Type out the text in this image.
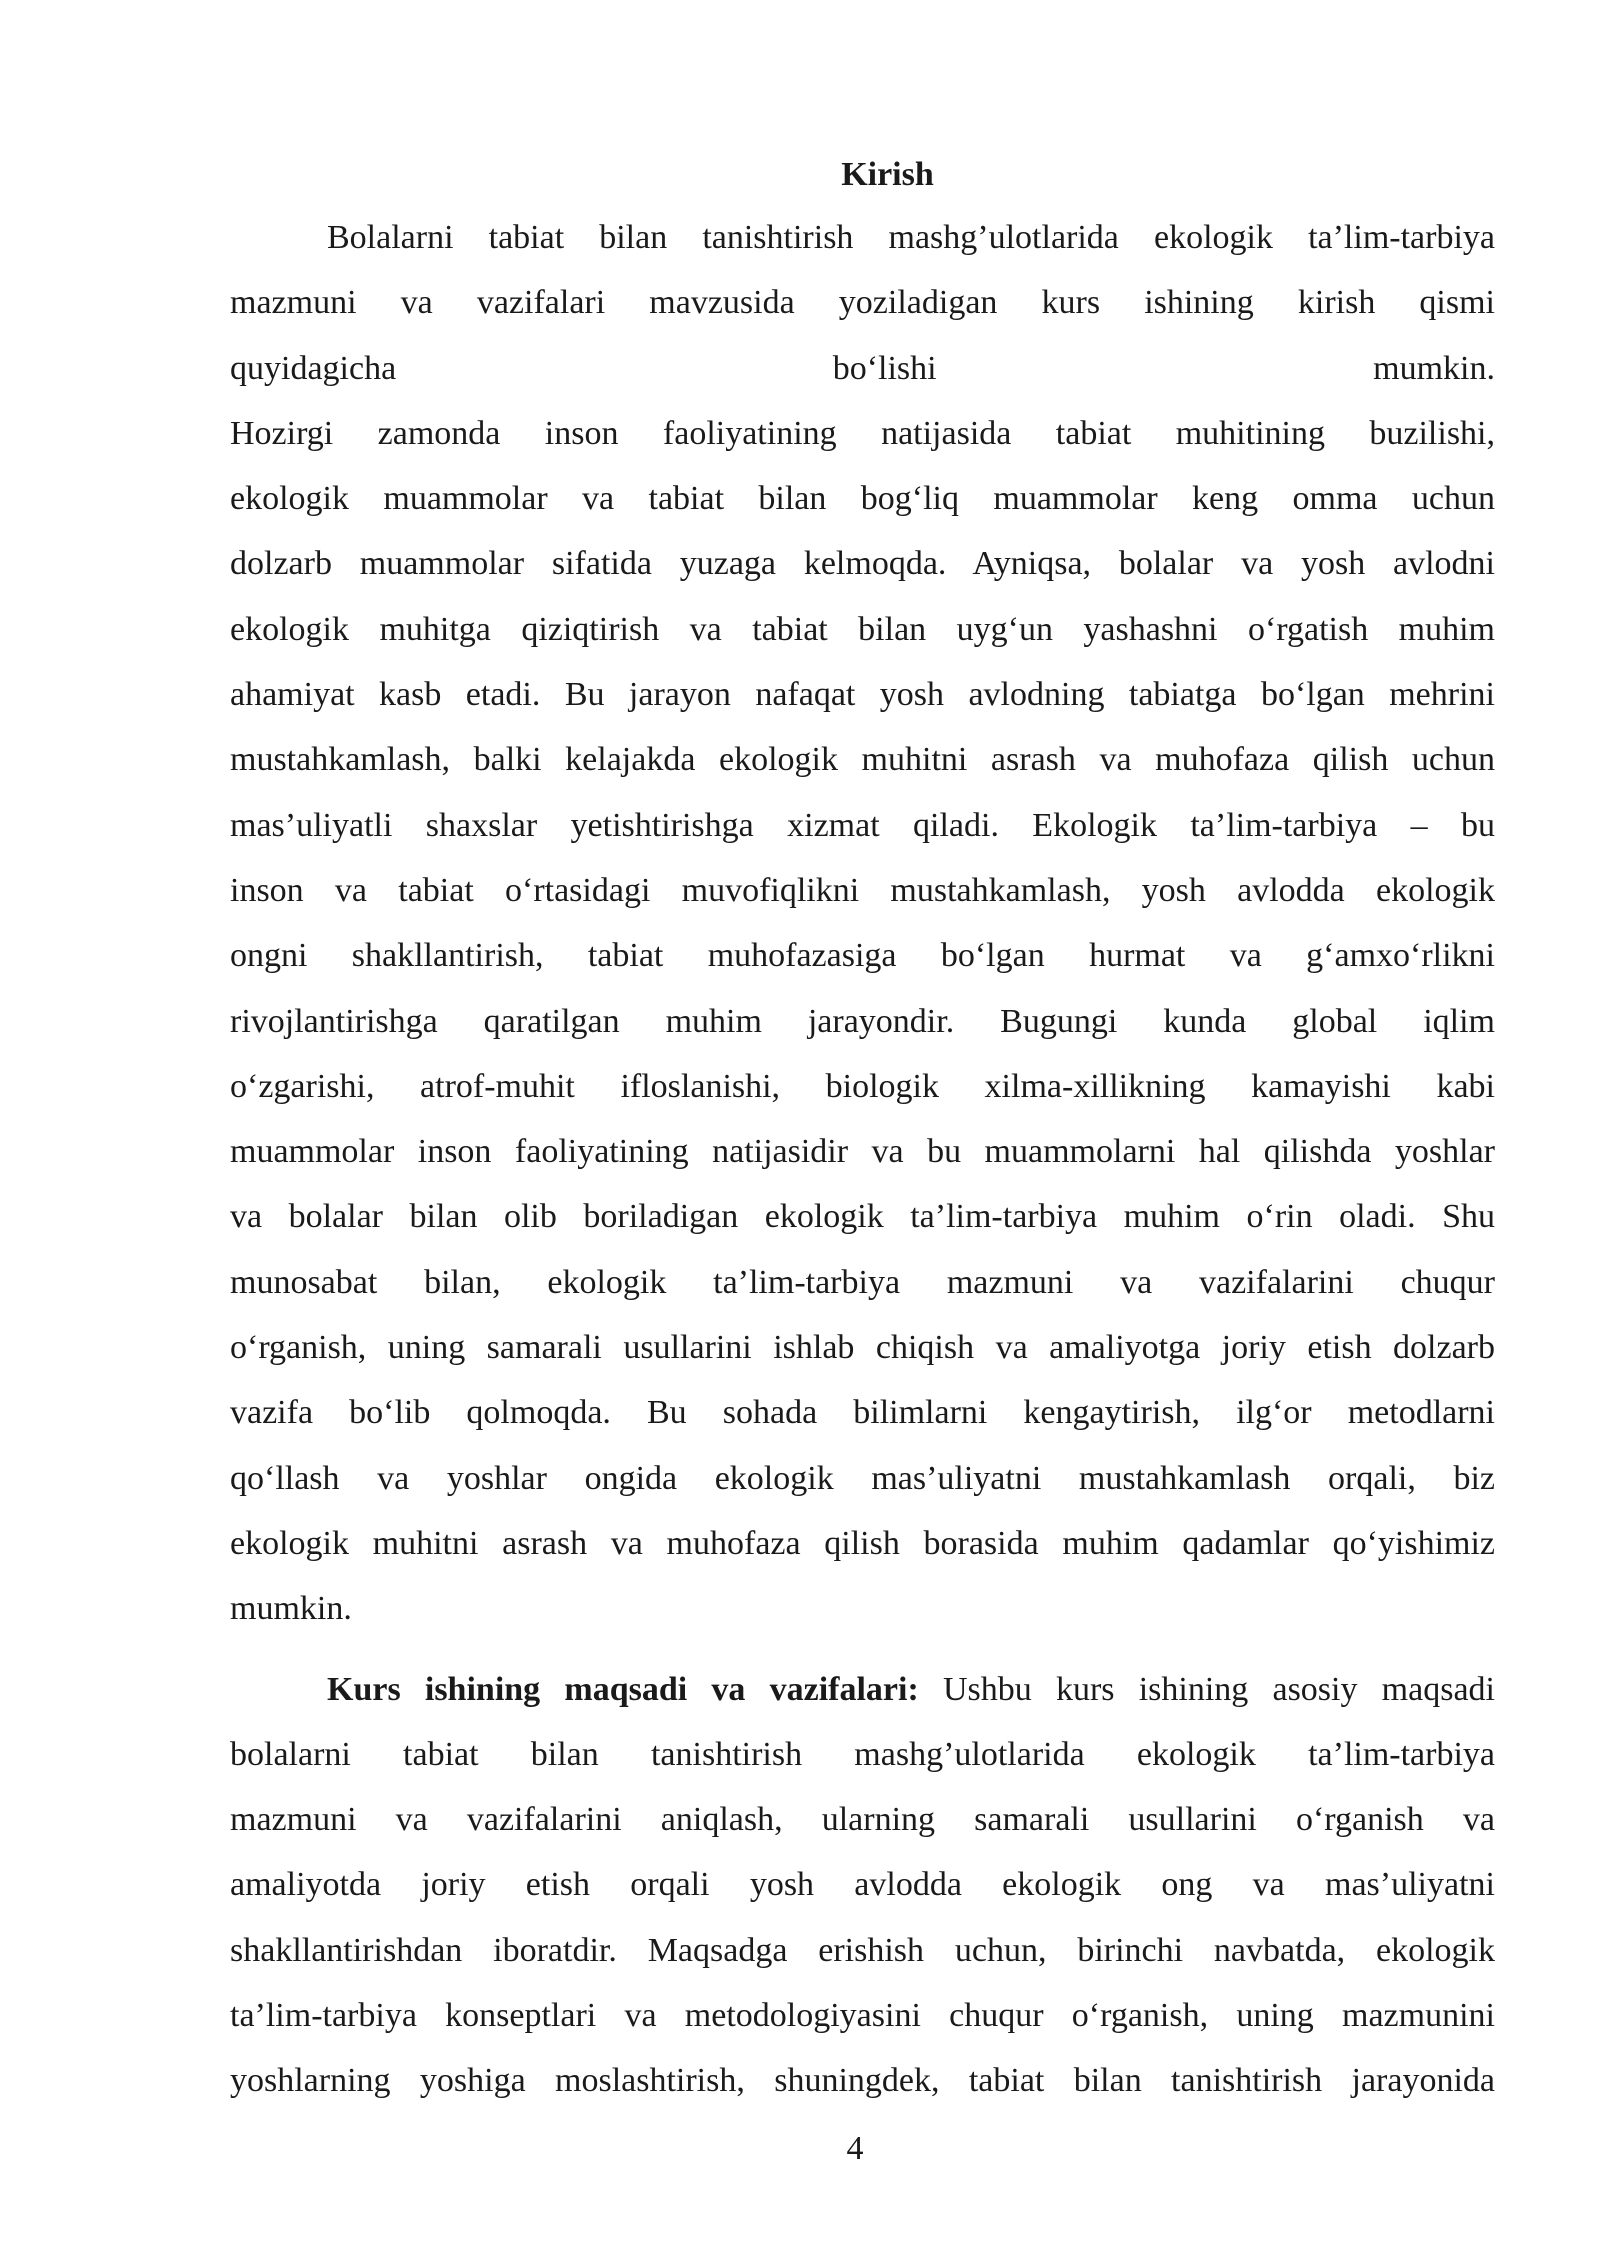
Kirish
Bolalarni tabiat bilan tanishtirish mashg’ulotlarida ekologik ta’lim-tarbiya
mazmuni va vazifalari mavzusida yoziladigan kurs ishining kirish qismi
quyidagicha bo‘lishi mumkin.
Hozirgi zamonda inson faoliyatining natijasida tabiat muhitining buzilishi,
ekologik muammolar va tabiat bilan bog‘liq muammolar keng omma uchun
dolzarb muammolar sifatida yuzaga kelmoqda. Ayniqsa, bolalar va yosh avlodni
ekologik muhitga qiziqtirish va tabiat bilan uyg‘un yashashni o‘rgatish muhim
ahamiyat kasb etadi. Bu jarayon nafaqat yosh avlodning tabiatga bo‘lgan mehrini
mustahkamlash, balki kelajakda ekologik muhitni asrash va muhofaza qilish uchun
mas’uliyatli shaxslar yetishtirishga xizmat qiladi. Ekologik ta’lim-tarbiya – bu
inson va tabiat o‘rtasidagi muvofiqlikni mustahkamlash, yosh avlodda ekologik
ongni shakllantirish, tabiat muhofazasiga bo‘lgan hurmat va g‘amxo‘rlikni
rivojlantirishga qaratilgan muhim jarayondir. Bugungi kunda global iqlim
o‘zgarishi, atrof-muhit ifloslanishi, biologik xilma-xillikning kamayishi kabi
muammolar inson faoliyatining natijasidir va bu muammolarni hal qilishda yoshlar
va bolalar bilan olib boriladigan ekologik ta’lim-tarbiya muhim o‘rin oladi. Shu
munosabat bilan, ekologik ta’lim-tarbiya mazmuni va vazifalarini chuqur
o‘rganish, uning samarali usullarini ishlab chiqish va amaliyotga joriy etish dolzarb
vazifa bo‘lib qolmoqda. Bu sohada bilimlarni kengaytirish, ilg‘or metodlarni
qo‘llash va yoshlar ongida ekologik mas’uliyatni mustahkamlash orqali, biz
ekologik muhitni asrash va muhofaza qilish borasida muhim qadamlar qo‘yishimiz
mumkin.
Kurs ishining maqsadi va vazifalari: Ushbu kurs ishining asosiy maqsadi
bolalarni tabiat bilan tanishtirish mashg’ulotlarida ekologik ta’lim-tarbiya
mazmuni va vazifalarini aniqlash, ularning samarali usullarini o‘rganish va
amaliyotda joriy etish orqali yosh avlodda ekologik ong va mas’uliyatni
shakllantirishdan iboratdir. Maqsadga erishish uchun, birinchi navbatda, ekologik
ta’lim-tarbiya konseptlari va metodologiyasini chuqur o‘rganish, uning mazmunini
yoshlarning yoshiga moslashtirish, shuningdek, tabiat bilan tanishtirish jarayonida
4
